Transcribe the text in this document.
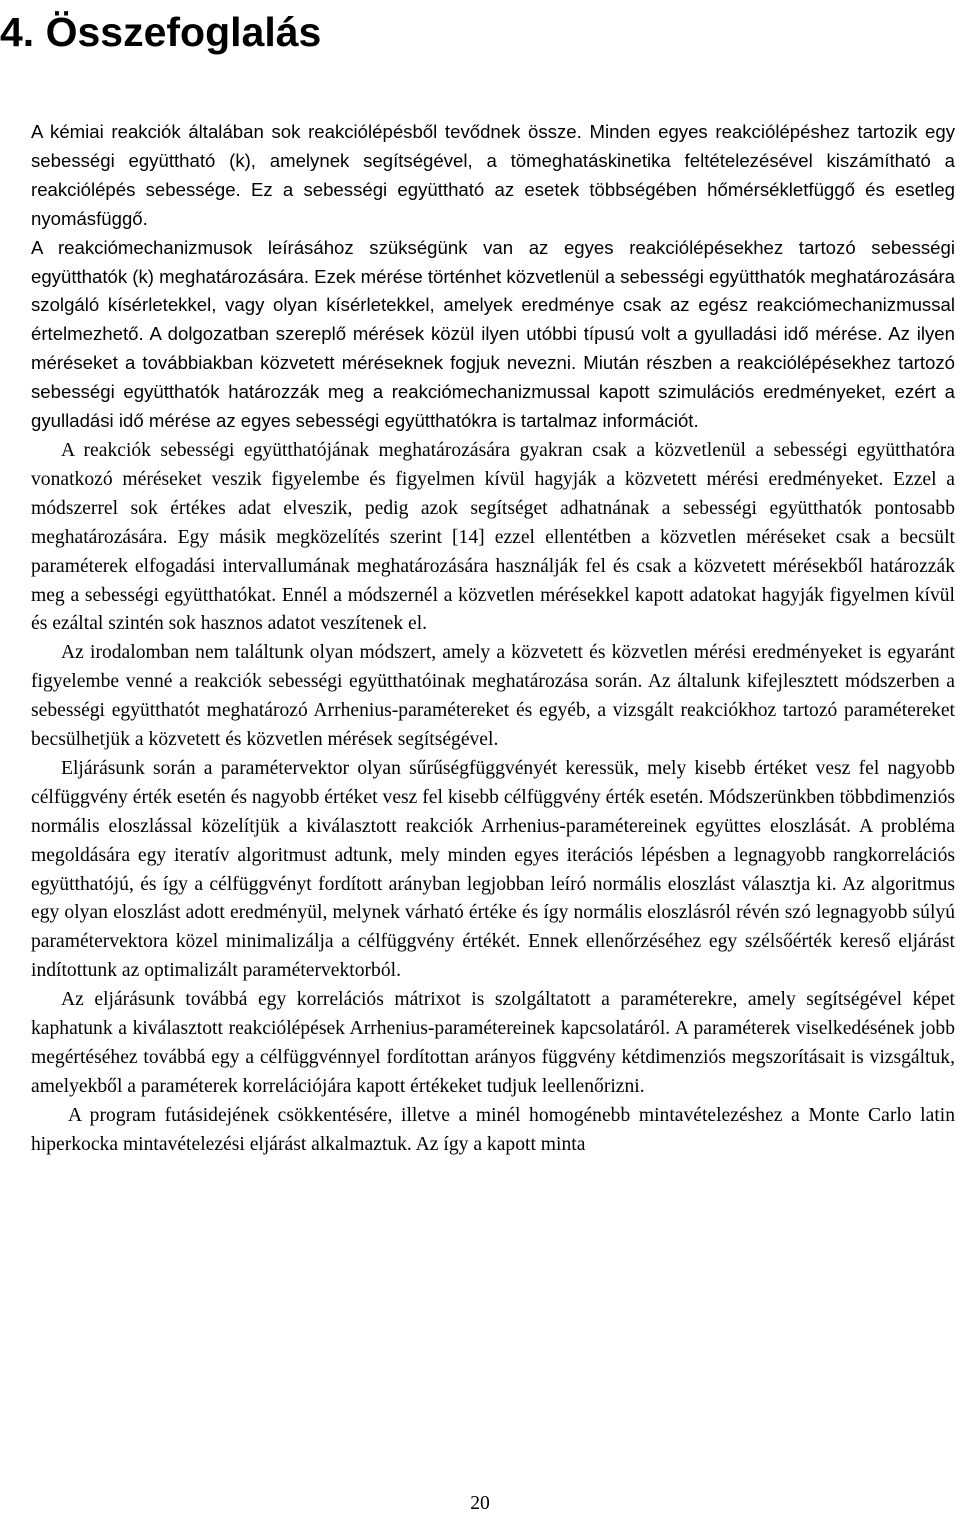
4. Összefoglalás

A kémiai reakciók általában sok reakciólépésből tevődnek össze. Minden egyes reakciólépéshez tartozik egy sebességi együttható (k), amelynek segítségével, a tömeghatáskinetika feltételezésével kiszámítható a reakciólépés sebessége. Ez a sebességi együttható az esetek többségében hőmérsékletfüggő és esetleg nyomásfüggő.

A reakciómechanizmusok leírásához szükségünk van az egyes reakciólépésekhez tartozó sebességi együtthatók (k) meghatározására. Ezek mérése történhet közvetlenül a sebességi együtthatók meghatározására szolgáló kísérletekkel, vagy olyan kísérletekkel, amelyek eredménye csak az egész reakciómechanizmussal értelmezhető. A dolgozatban szereplő mérések közül ilyen utóbbi típusú volt a gyulladási idő mérése. Az ilyen méréseket a továbbiakban közvetett méréseknek fogjuk nevezni. Miután részben a reakciólépésekhez tartozó sebességi együtthatók határozzák meg a reakciómechanizmussal kapott szimulációs eredményeket, ezért a gyulladási idő mérése az egyes sebességi együtthatókra is tartalmaz információt.

A reakciók sebességi együtthatójának meghatározására gyakran csak a közvetlenül a sebességi együtthatóra vonatkozó méréseket veszik figyelembe és figyelmen kívül hagyják a közvetett mérési eredményeket. Ezzel a módszerrel sok értékes adat elveszik, pedig azok segítséget adhatnának a sebességi együtthatók pontosabb meghatározására. Egy másik megközelítés szerint [14] ezzel ellentétben a közvetlen méréseket csak a becsült paraméterek elfogadási intervallumának meghatározására használják fel és csak a közvetett mérésekből határozzák meg a sebességi együtthatókat. Ennél a módszernél a közvetlen mérésekkel kapott adatokat hagyják figyelmen kívül és ezáltal szintén sok hasznos adatot veszítenek el.

Az irodalomban nem találtunk olyan módszert, amely a közvetett és közvetlen mérési eredményeket is egyaránt figyelembe venné a reakciók sebességi együtthatóinak meghatározása során. Az általunk kifejlesztett módszerben a sebességi együtthatót meghatározó Arrhenius-paramétereket és egyéb, a vizsgált reakciókhoz tartozó paramétereket becsülhetjük a közvetett és közvetlen mérések segítségével.

Eljárásunk során a paramétervektor olyan sűrűségfüggvényét keressük, mely kisebb értéket vesz fel nagyobb célfüggvény érték esetén és nagyobb értéket vesz fel kisebb célfüggvény érték esetén. Módszerünkben többdimenziós normális eloszlással közelítjük a kiválasztott reakciók Arrhenius-paramétereinek együttes eloszlását. A probléma megoldására egy iteratív algoritmust adtunk, mely minden egyes iterációs lépésben a legnagyobb rangkorrelációs együtthatójú, és így a célfüggvényt fordított arányban legjobban leíró normális eloszlást választja ki. Az algoritmus egy olyan eloszlást adott eredményül, melynek várható értéke és így normális eloszlásról révén szó legnagyobb súlyú paramétervektora közel minimalizálja a célfüggvény értékét. Ennek ellenőrzéséhez egy szélsőérték kereső eljárást indítottunk az optimalizált paramétervektorból.

Az eljárásunk továbbá egy korrelációs mátrixot is szolgáltatott a paraméterekre, amely segítségével képet kaphatunk a kiválasztott reakciólépések Arrhenius-paramétereinek kapcsolatáról. A paraméterek viselkedésének jobb megértéséhez továbbá egy a célfüggvénnyel fordítottan arányos függvény kétdimenziós megszorításait is vizsgáltuk, amelyekből a paraméterek korrelációjára kapott értékeket tudjuk leellenőrizni.

A program futásidejének csökkentésére, illetve a minél homogénebb mintavételezéshez a Monte Carlo latin hiperkocka mintavételezési eljárást alkalmaztuk. Az így a kapott minta

20
